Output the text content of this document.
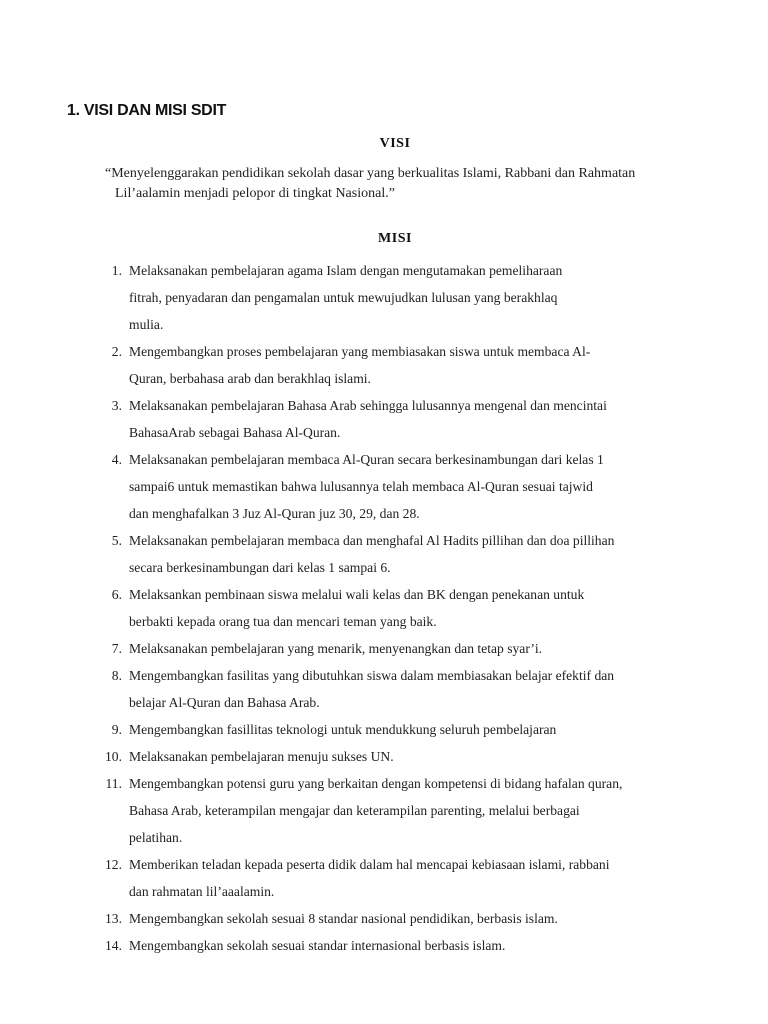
1. VISI DAN MISI SDIT
VISI

“Menyelenggarakan pendidikan sekolah dasar yang berkualitas Islami, Rabbani dan Rahmatan
Lil’aalamin menjadi pelopor di tingkat Nasional.”

MISI
1. Melaksanakan pembelajaran agama Islam dengan mengutamakan pemeliharaan
fitrah, penyadaran dan pengamalan untuk mewujudkan lulusan yang berakhlaq
mulia.
2. Mengembangkan proses pembelajaran yang membiasakan siswa untuk membaca Al-
Quran, berbahasa arab dan berakhlaq islami.
3. Melaksanakan pembelajaran Bahasa Arab sehingga lulusannya mengenal dan mencintai
BahasaArab sebagai Bahasa Al-Quran.
4. Melaksanakan pembelajaran membaca Al-Quran secara berkesinambungan dari kelas 1
sampai6 untuk memastikan bahwa lulusannya telah membaca Al-Quran sesuai tajwid
dan menghafalkan 3 Juz Al-Quran juz 30, 29, dan 28.
5. Melaksanakan pembelajaran membaca dan menghafal Al Hadits pillihan dan doa pillihan
secara berkesinambungan dari kelas 1 sampai 6.
6. Melaksankan pembinaan siswa melalui wali kelas dan BK dengan penekanan untuk
berbakti kepada orang tua dan mencari teman yang baik.
7. Melaksanakan pembelajaran yang menarik, menyenangkan dan tetap syar’i.
8. Mengembangkan fasilitas yang dibutuhkan siswa dalam membiasakan belajar efektif dan
belajar Al-Quran dan Bahasa Arab.
9. Mengembangkan fasillitas teknologi untuk mendukkung seluruh pembelajaran
10. Melaksanakan pembelajaran menuju sukses UN.
11. Mengembangkan potensi guru yang berkaitan dengan kompetensi di bidang hafalan quran,
Bahasa Arab, keterampilan mengajar dan keterampilan parenting, melalui berbagai
pelatihan.
12. Memberikan teladan kepada peserta didik dalam hal mencapai kebiasaan islami, rabbani
dan rahmatan lil’aaalamin.
13. Mengembangkan sekolah sesuai 8 standar nasional pendidikan, berbasis islam.
14. Mengembangkan sekolah sesuai standar internasional berbasis islam.
